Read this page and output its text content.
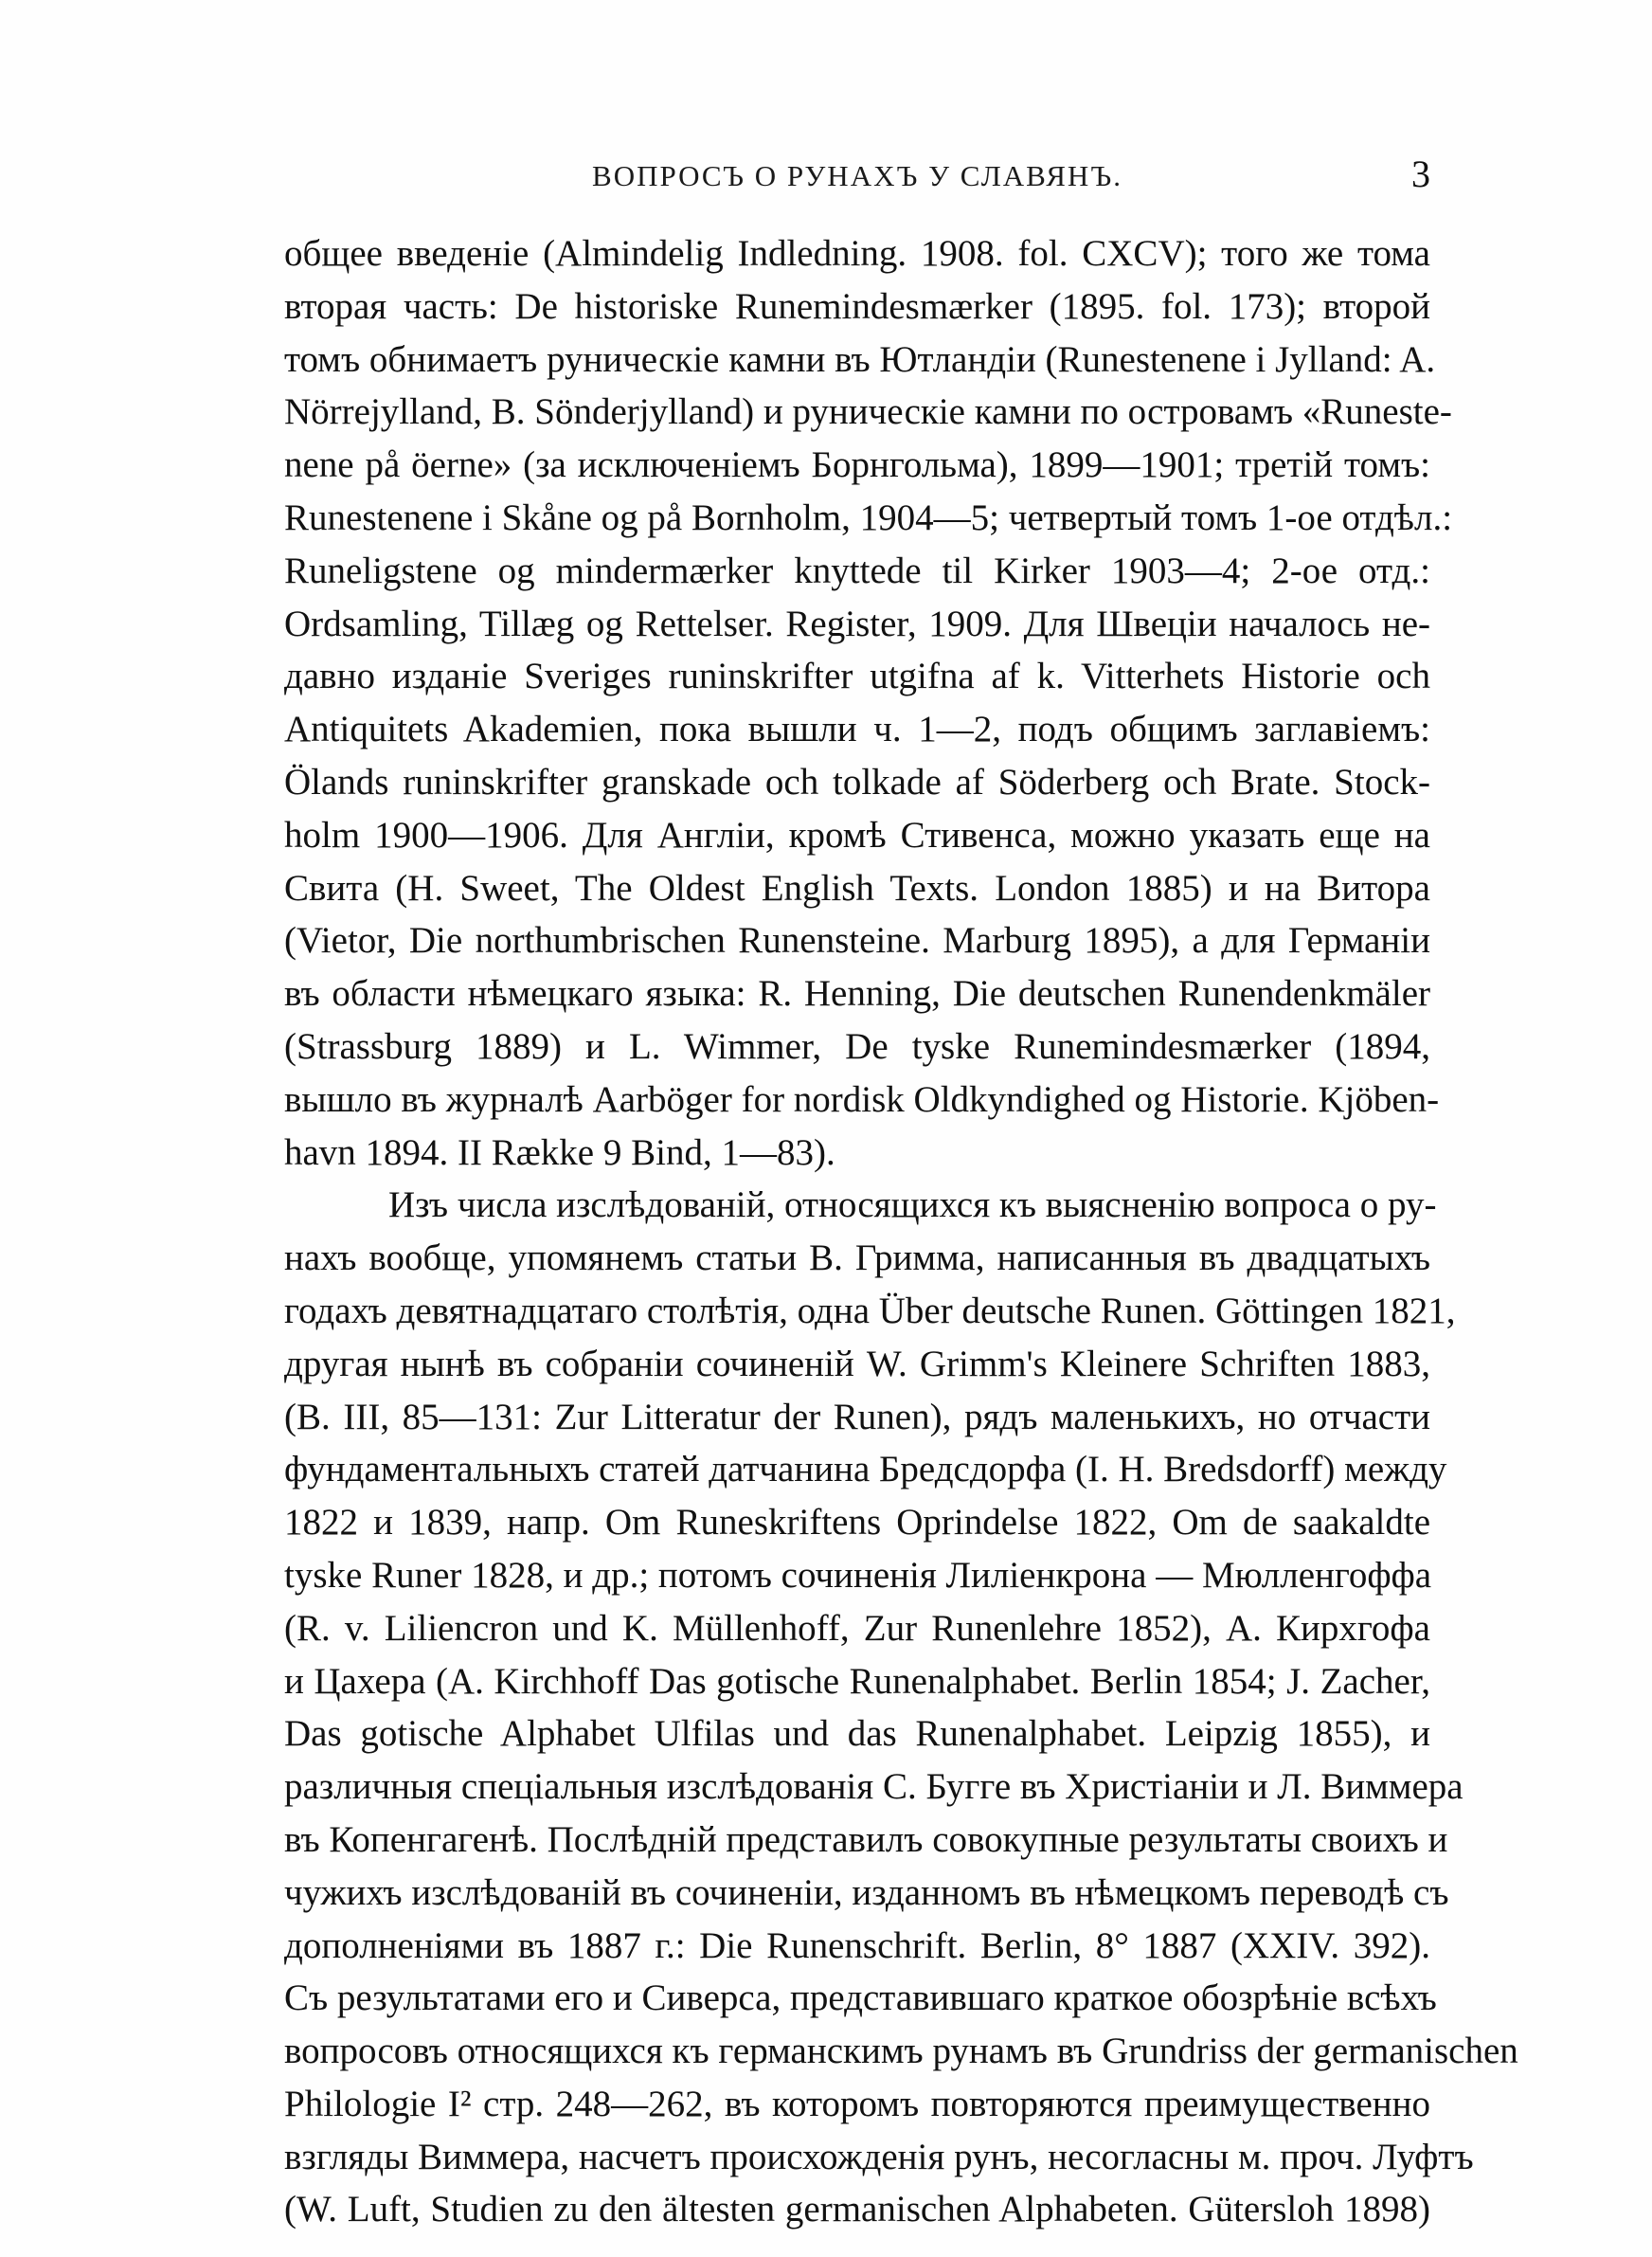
ВОПРОСЪ О РУНАХЪ У СЛАВЯНЪ.	3
общее введеніе (Almindelig Indledning. 1908. fol. CXCV); того же тома
вторая часть: De historiske Runemindesmærker (1895. fol. 173); второй
томъ обнимаетъ руническіе камни въ Ютландіи (Runestenene i Jylland: A.
Nörrejylland, B. Sönderjylland) и руническіе камни по островамъ «Runeste-
nene på öerne» (за исключеніемъ Борнгольма), 1899—1901; третій томъ:
Runestenene i Skåne og på Bornholm, 1904—5; четвертый томъ 1-ое отдѣл.:
Runeligstene og mindermærker knyttede til Kirker 1903—4; 2-ое отд.:
Ordsamling, Tillæg og Rettelser. Register, 1909. Для Швеціи началось не-
давно изданіе Sveriges runinskrifter utgifna af k. Vitterhets Historie och
Antiquitets Akademien, пока вышли ч. 1—2, подъ общимъ заглавіемъ:
Ölands runinskrifter granskade och tolkade af Söderberg och Brate. Stock-
holm 1900—1906. Для Англіи, кромѣ Стивенса, можно указать еще на
Свита (H. Sweet, The Oldest English Texts. London 1885) и на Витора
(Vietor, Die northumbrischen Runensteine. Marburg 1895), а для Германіи
въ области нѣмецкаго языка: R. Henning, Die deutschen Runendenkmäler
(Strassburg 1889) и L. Wimmer, De tyske Runemindesmærker (1894,
вышло въ журналѣ Aarböger for nordisk Oldkyndighed og Historie. Kjöben-
havn 1894. II Række 9 Bind, 1—83).
Изъ числа изслѣдованій, относящихся къ выясненію вопроса о ру-
нахъ вообще, упомянемъ статьи В. Гримма, написанныя въ двадцатыхъ
годахъ девятнадцатаго столѣтія, одна Über deutsche Runen. Göttingen 1821,
другая нынѣ въ собраніи сочиненій W. Grimm's Kleinere Schriften 1883,
(B. III, 85—131: Zur Litteratur der Runen), рядъ маленькихъ, но отчасти
фундаментальныхъ статей датчанина Бредсдорфа (I. H. Bredsdorff) между
1822 и 1839, напр. Om Runeskriftens Oprindelse 1822, Om de saakaldte
tyske Runer 1828, и др.; потомъ сочиненія Лиліенкрона — Мюлленгоффа
(R. v. Liliencron und K. Müllenhoff, Zur Runenlehre 1852), А. Кирхгофа
и Цахера (A. Kirchhoff Das gotische Runenalphabet. Berlin 1854; J. Zacher,
Das gotische Alphabet Ulfilas und das Runenalphabet. Leipzig 1855), и
различныя спеціальныя изслѣдованія С. Бугге въ Христіаніи и Л. Виммера
въ Копенгагенѣ. Послѣдній представилъ совокупные результаты своихъ и
чужихъ изслѣдованій въ сочиненіи, изданномъ въ нѣмецкомъ переводѣ съ
дополненіями въ 1887 г.: Die Runenschrift. Berlin, 8° 1887 (XXIV. 392).
Съ результатами его и Сиверса, представившаго краткое обозрѣніе всѣхъ
вопросовъ относящихся къ германскимъ рунамъ въ Grundriss der germanischen
Philologie I² стр. 248—262, въ которомъ повторяются преимущественно
взгляды Виммера, насчетъ происхожденія рунъ, несогласны м. проч. Луфтъ
(W. Luft, Studien zu den ältesten germanischen Alphabeten. Gütersloh 1898)
